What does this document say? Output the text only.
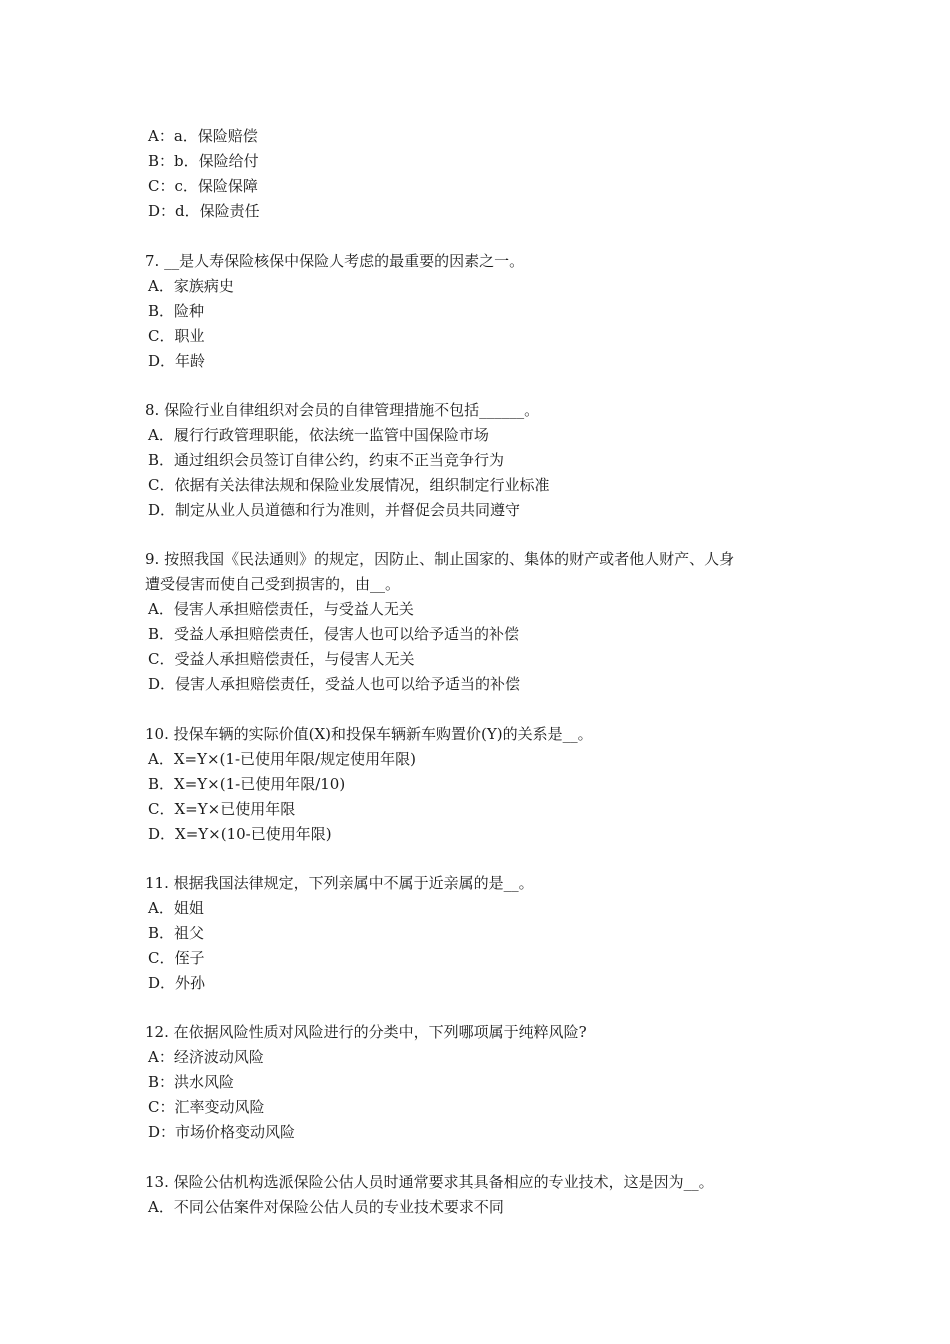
A：a．保险赔偿
B：b．保险给付
C：c．保险保障
D：d．保险责任
7. __是人寿保险核保中保险人考虑的最重要的因素之一。
A．家族病史
B．险种
C．职业
D．年龄
8. 保险行业自律组织对会员的自律管理措施不包括______。
A．履行行政管理职能，依法统一监管中国保险市场
B．通过组织会员签订自律公约，约束不正当竞争行为
C．依据有关法律法规和保险业发展情况，组织制定行业标准
D．制定从业人员道德和行为准则，并督促会员共同遵守
9. 按照我国《民法通则》的规定，因防止、制止国家的、集体的财产或者他人财产、人身
遭受侵害而使自己受到损害的，由__。
A．侵害人承担赔偿责任，与受益人无关
B．受益人承担赔偿责任，侵害人也可以给予适当的补偿
C．受益人承担赔偿责任，与侵害人无关
D．侵害人承担赔偿责任，受益人也可以给予适当的补偿
10. 投保车辆的实际价值(X)和投保车辆新车购置价(Y)的关系是__。
A．X=Y×(1-已使用年限/规定使用年限)
B．X=Y×(1-已使用年限/10)
C．X=Y×已使用年限
D．X=Y×(10-已使用年限)
11. 根据我国法律规定，下列亲属中不属于近亲属的是__。
A．姐姐
B．祖父
C．侄子
D．外孙
12. 在依据风险性质对风险进行的分类中，下列哪项属于纯粹风险?
A：经济波动风险
B：洪水风险
C：汇率变动风险
D：市场价格变动风险
13. 保险公估机构选派保险公估人员时通常要求其具备相应的专业技术，这是因为__。
A．不同公估案件对保险公估人员的专业技术要求不同
